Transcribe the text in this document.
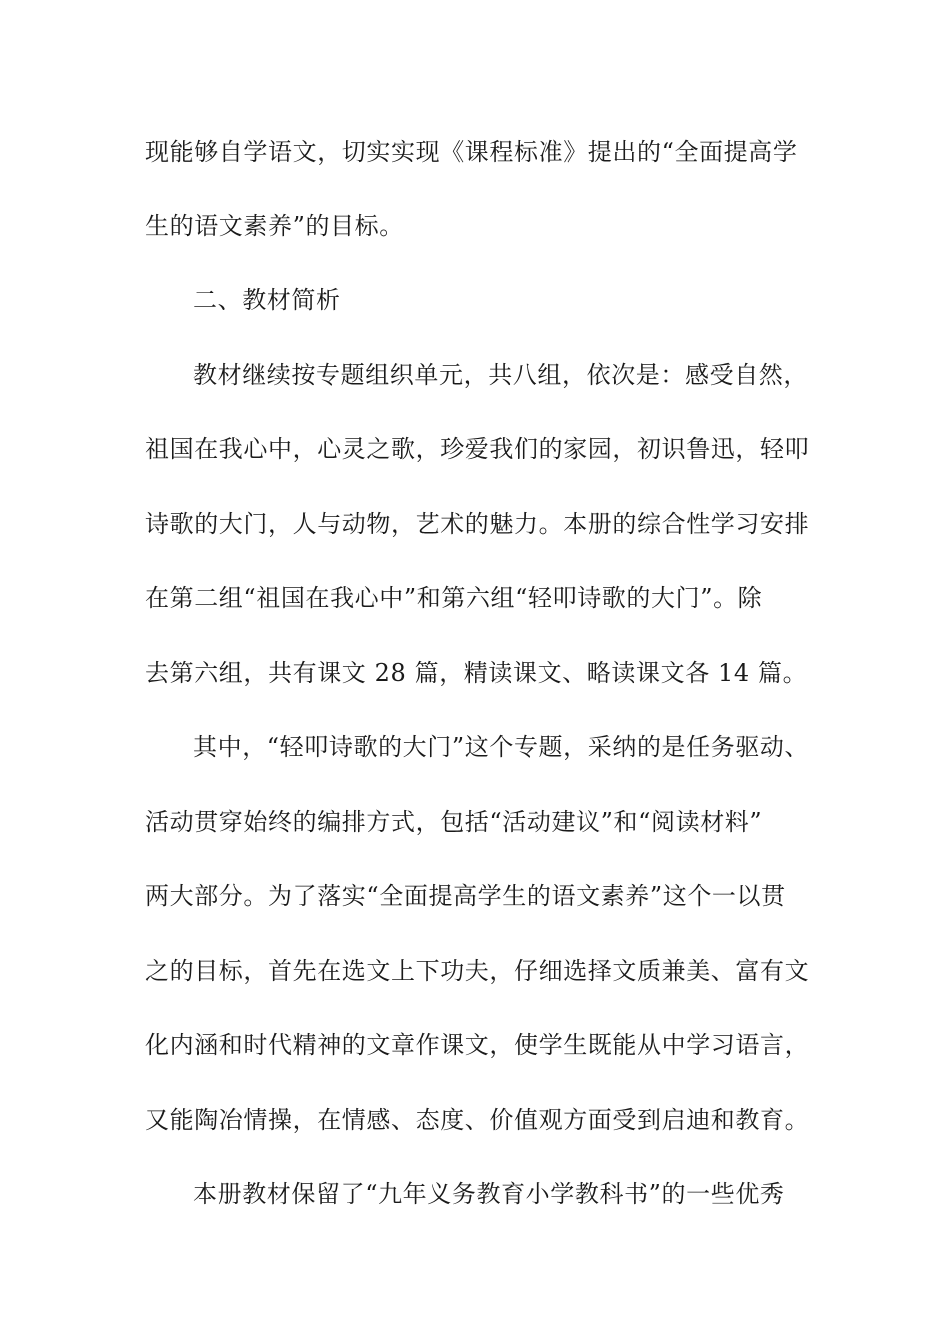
现能够自学语文，切实实现《课程标准》提出的“全面提高学
生的语文素养”的目标。
二、教材简析
教材继续按专题组织单元，共八组，依次是：感受自然，
祖国在我心中，心灵之歌，珍爱我们的家园，初识鲁迅，轻叩
诗歌的大门，人与动物，艺术的魅力。本册的综合性学习安排
在第二组“祖国在我心中”和第六组“轻叩诗歌的大门”。除
去第六组，共有课文 28 篇，精读课文、略读课文各 14 篇。
其中，“轻叩诗歌的大门”这个专题，采纳的是任务驱动、
活动贯穿始终的编排方式，包括“活动建议”和“阅读材料”
两大部分。为了落实“全面提高学生的语文素养”这个一以贯
之的目标，首先在选文上下功夫，仔细选择文质兼美、富有文
化内涵和时代精神的文章作课文，使学生既能从中学习语言，
又能陶冶情操，在情感、态度、价值观方面受到启迪和教育。
本册教材保留了“九年义务教育小学教科书”的一些优秀
